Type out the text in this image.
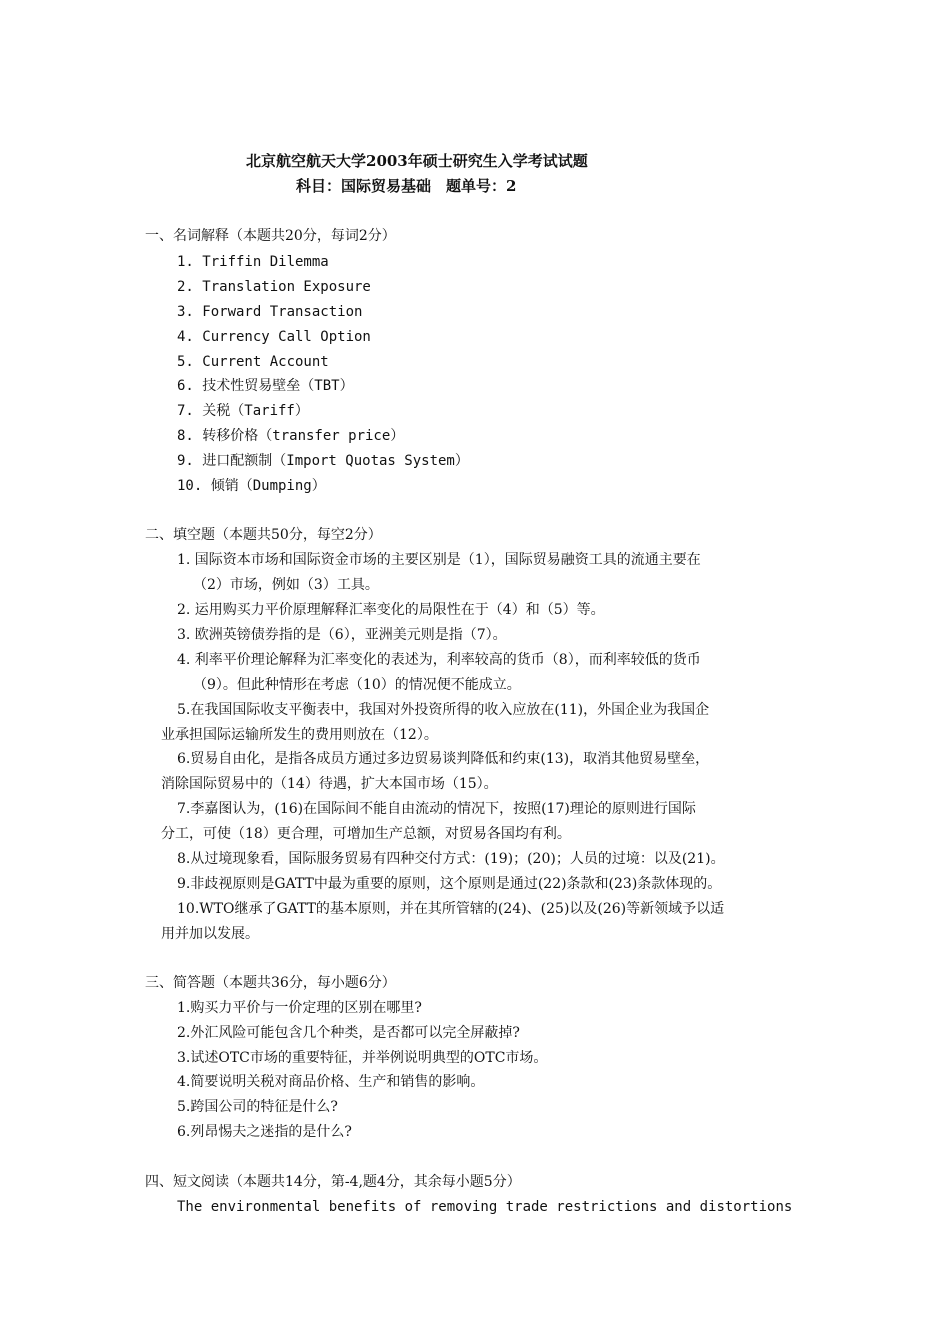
北京航空航天大学2003年硕士研究生入学考试试题
科目：国际贸易基础　题单号：2
一、名词解释（本题共20分，每词2分）
1. Triffin Dilemma
2. Translation Exposure
3. Forward Transaction
4. Currency Call Option
5. Current Account
6. 技术性贸易壁垒（TBT）
7. 关税（Tariff）
8. 转移价格（transfer price）
9. 进口配额制（Import Quotas System）
10. 倾销（Dumping）
二、填空题（本题共50分，每空2分）
1. 国际资本市场和国际资金市场的主要区别是（1），国际贸易融资工具的流通主要在
（2）市场，例如（3）工具。
2. 运用购买力平价原理解释汇率变化的局限性在于（4）和（5）等。
3. 欧洲英镑债券指的是（6），亚洲美元则是指（7）。
4. 利率平价理论解释为汇率变化的表述为，利率较高的货币（8），而利率较低的货币
（9）。但此种情形在考虑（10）的情况便不能成立。
5.在我国国际收支平衡表中，我国对外投资所得的收入应放在(11)，外国企业为我国企
业承担国际运输所发生的费用则放在（12）。
6.贸易自由化，是指各成员方通过多边贸易谈判降低和约束(13)，取消其他贸易壁垒，
消除国际贸易中的（14）待遇，扩大本国市场（15）。
7.李嘉图认为，(16)在国际间不能自由流动的情况下，按照(17)理论的原则进行国际
分工，可使（18）更合理，可增加生产总额，对贸易各国均有利。
8.从过境现象看，国际服务贸易有四种交付方式：(19)；(20)；人员的过境：以及(21)。
9.非歧视原则是GATT中最为重要的原则，这个原则是通过(22)条款和(23)条款体现的。
10.WTO继承了GATT的基本原则，并在其所管辖的(24)、(25)以及(26)等新领域予以适
用并加以发展。
三、简答题（本题共36分，每小题6分）
1.购买力平价与一价定理的区别在哪里?
2.外汇风险可能包含几个种类，是否都可以完全屏蔽掉?
3.试述OTC市场的重要特征，并举例说明典型的OTC市场。
4.简要说明关税对商品价格、生产和销售的影响。
5.跨国公司的特征是什么?
6.列昂惕夫之迷指的是什么?
四、短文阅读（本题共14分，第-4,题4分，其余每小题5分）
The environmental benefits of removing trade restrictions and distortions
